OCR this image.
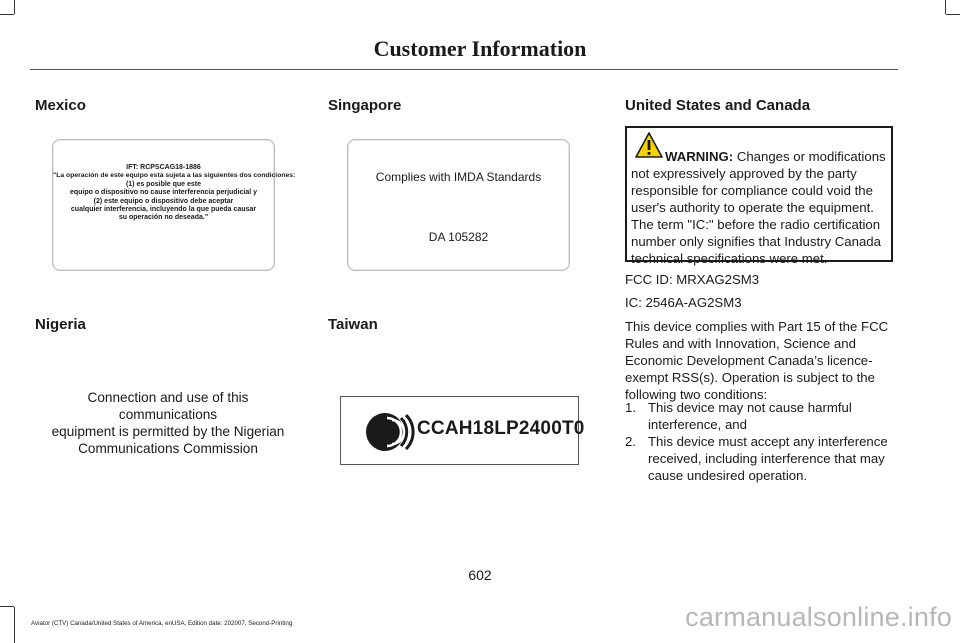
Customer Information
Mexico
IFT: RCPSCAG18-1886
"La operación de este equipo está sujeta a las siguientes dos condiciones:
(1) es posible que este
equipo o dispositivo no cause interferencia perjudicial y
(2) este equipo o dispositivo debe aceptar
cualquier interferencia, incluyendo la que pueda causar
su operación no deseada."
Nigeria
Connection and use of this
communications
equipment is permitted by the Nigerian
Communications Commission
Singapore
Complies with IMDA Standards
DA 105282
Taiwan
CCAH18LP2400T0
United States and Canada
WARNING: Changes or modifications not expressively approved by the party responsible for compliance could void the user's authority to operate the equipment. The term "IC:" before the radio certification number only signifies that Industry Canada technical specifications were met.
FCC ID: MRXAG2SM3
IC: 2546A-AG2SM3
This device complies with Part 15 of the FCC Rules and with Innovation, Science and Economic Development Canada’s licence-exempt RSS(s). Operation is subject to the following two conditions:
1. This device may not cause harmful interference, and
2. This device must accept any interference received, including interference that may cause undesired operation.
602
Aviator (CTV) Canada/United States of America, enUSA, Edition date: 202007, Second-Printing	carmanualsonline.info
